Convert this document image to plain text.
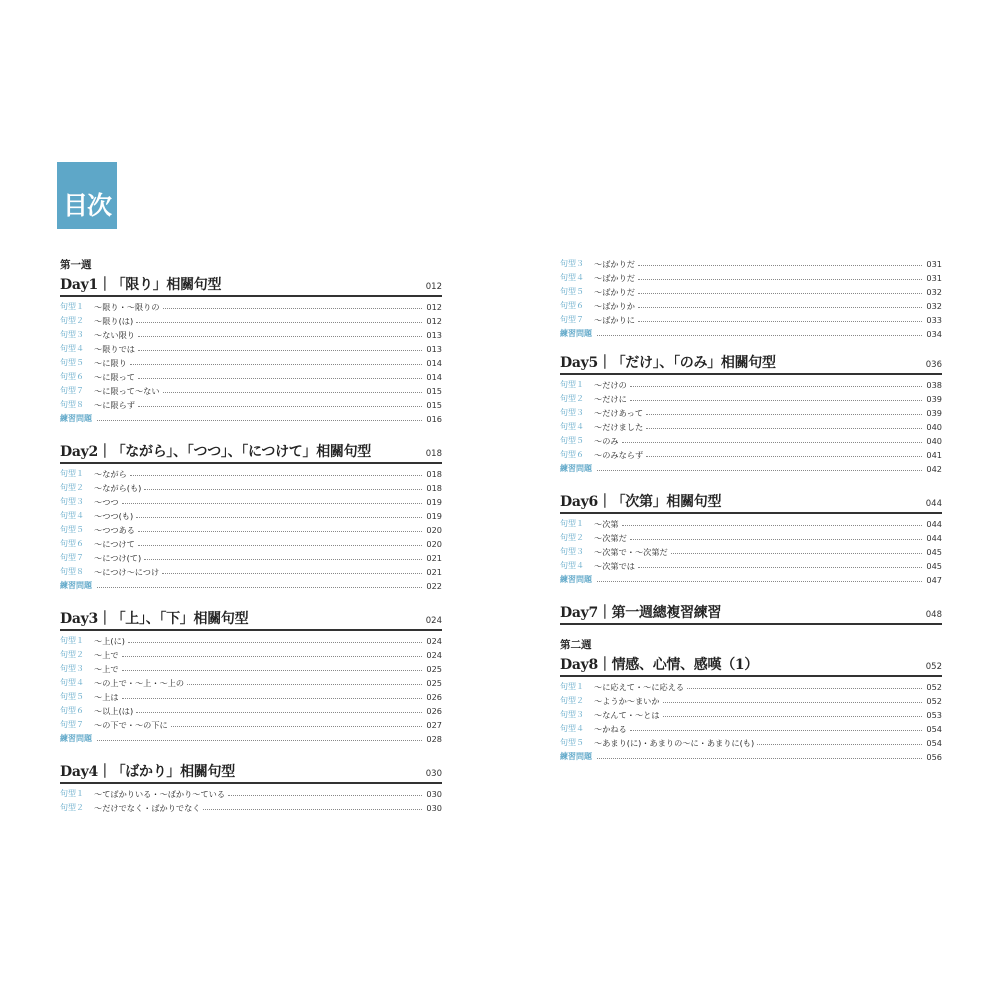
目次
第一週
Day1｜「限り」相關句型	012
句型１	〜限り・〜限りの	012
句型２	〜限り(は)	012
句型３	〜ない限り	013
句型４	〜限りでは	013
句型５	〜に限り	014
句型６	〜に限って	014
句型７	〜に限って〜ない	015
句型８	〜に限らず	015
練習問題	016
Day2｜「ながら」、「つつ」、「につけて」相關句型	018
句型１	〜ながら	018
句型２	〜ながら(も)	018
句型３	〜つつ	019
句型４	〜つつ(も)	019
句型５	〜つつある	020
句型６	〜につけて	020
句型７	〜につけ(て)	021
句型８	〜につけ〜につけ	021
練習問題	022
Day3｜「上」、「下」相關句型	024
句型１	〜上(に)	024
句型２	〜上で	024
句型３	〜上で	025
句型４	〜の上で・〜上・〜上の	025
句型５	〜上は	026
句型６	〜以上(は)	026
句型７	〜の下で・〜の下に	027
練習問題	028
Day4｜「ばかり」相關句型	030
句型１	〜てばかりいる・〜ばかり〜ている	030
句型２	〜だけでなく・ばかりでなく	030
句型３	〜ばかりだ	031
句型４	〜ばかりだ	031
句型５	〜ばかりだ	032
句型６	〜ばかりか	032
句型７	〜ばかりに	033
練習問題	034
Day5｜「だけ」、「のみ」相關句型	036
句型１	〜だけの	038
句型２	〜だけに	039
句型３	〜だけあって	039
句型４	〜だけました	040
句型５	〜のみ	040
句型６	〜のみならず	041
練習問題	042
Day6｜「次第」相關句型	044
句型１	〜次第	044
句型２	〜次第だ	044
句型３	〜次第で・〜次第だ	045
句型４	〜次第では	045
練習問題	047
Day7｜第一週總複習練習	048
第二週
Day8｜情感、心情、感嘆（1）	052
句型１	〜に応えて・〜に応える	052
句型２	〜ようか〜まいか	052
句型３	〜なんて・〜とは	053
句型４	〜かねる	054
句型５	〜あまり(に)・あまりの〜に・あまりに(も)	054
練習問題	056
